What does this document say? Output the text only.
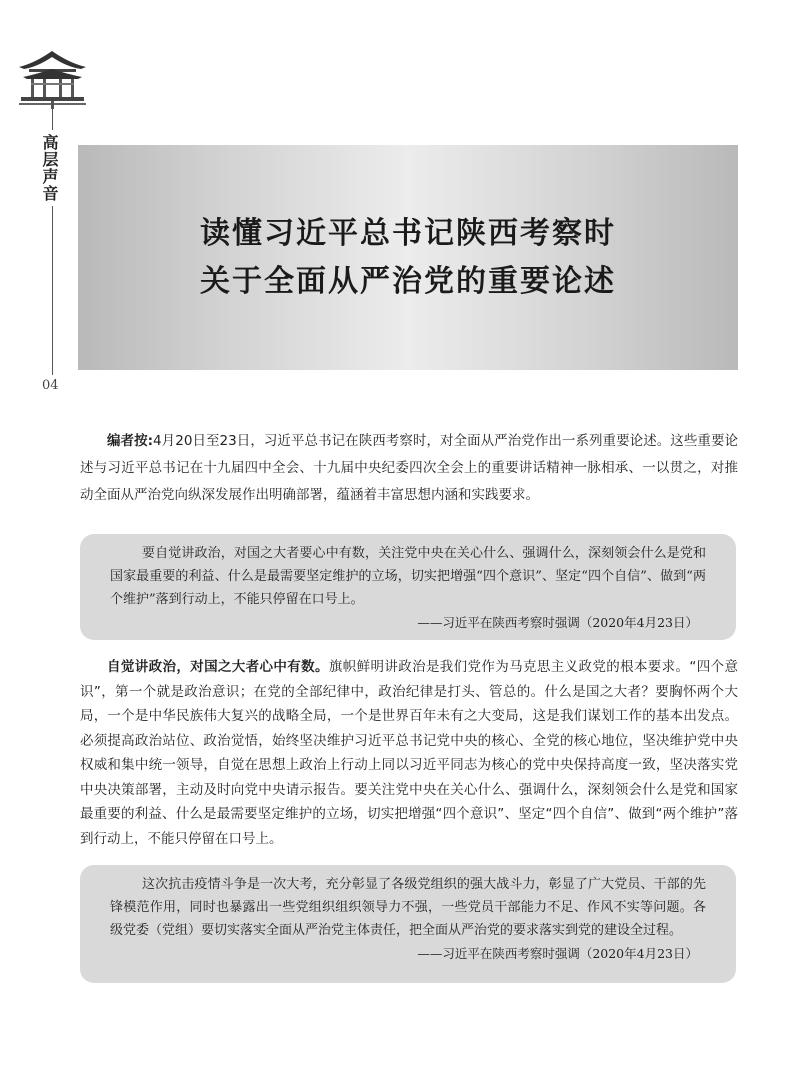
高层声音
04
读懂习近平总书记陕西考察时
关于全面从严治党的重要论述
编者按:4月20日至23日，习近平总书记在陕西考察时，对全面从严治党作出一系列重要论述。这些重要论述与习近平总书记在十九届四中全会、十九届中央纪委四次全会上的重要讲话精神一脉相承、一以贯之，对推动全面从严治党向纵深发展作出明确部署，蕴涵着丰富思想内涵和实践要求。
要自觉讲政治，对国之大者要心中有数，关注党中央在关心什么、强调什么，深刻领会什么是党和国家最重要的利益、什么是最需要坚定维护的立场，切实把增强“四个意识”、坚定“四个自信”、做到“两个维护”落到行动上，不能只停留在口号上。
——习近平在陕西考察时强调（2020年4月23日）
自觉讲政治，对国之大者心中有数。旗帜鲜明讲政治是我们党作为马克思主义政党的根本要求。“四个意识”，第一个就是政治意识；在党的全部纪律中，政治纪律是打头、管总的。什么是国之大者？要胸怀两个大局，一个是中华民族伟大复兴的战略全局，一个是世界百年未有之大变局，这是我们谋划工作的基本出发点。必须提高政治站位、政治觉悟，始终坚决维护习近平总书记党中央的核心、全党的核心地位，坚决维护党中央权威和集中统一领导，自觉在思想上政治上行动上同以习近平同志为核心的党中央保持高度一致，坚决落实党中央决策部署，主动及时向党中央请示报告。要关注党中央在关心什么、强调什么，深刻领会什么是党和国家最重要的利益、什么是最需要坚定维护的立场，切实把增强“四个意识”、坚定“四个自信”、做到“两个维护”落到行动上，不能只停留在口号上。
这次抗击疫情斗争是一次大考，充分彰显了各级党组织的强大战斗力，彰显了广大党员、干部的先锋模范作用，同时也暴露出一些党组织组织领导力不强，一些党员干部能力不足、作风不实等问题。各级党委（党组）要切实落实全面从严治党主体责任，把全面从严治党的要求落实到党的建设全过程。
——习近平在陕西考察时强调（2020年4月23日）
